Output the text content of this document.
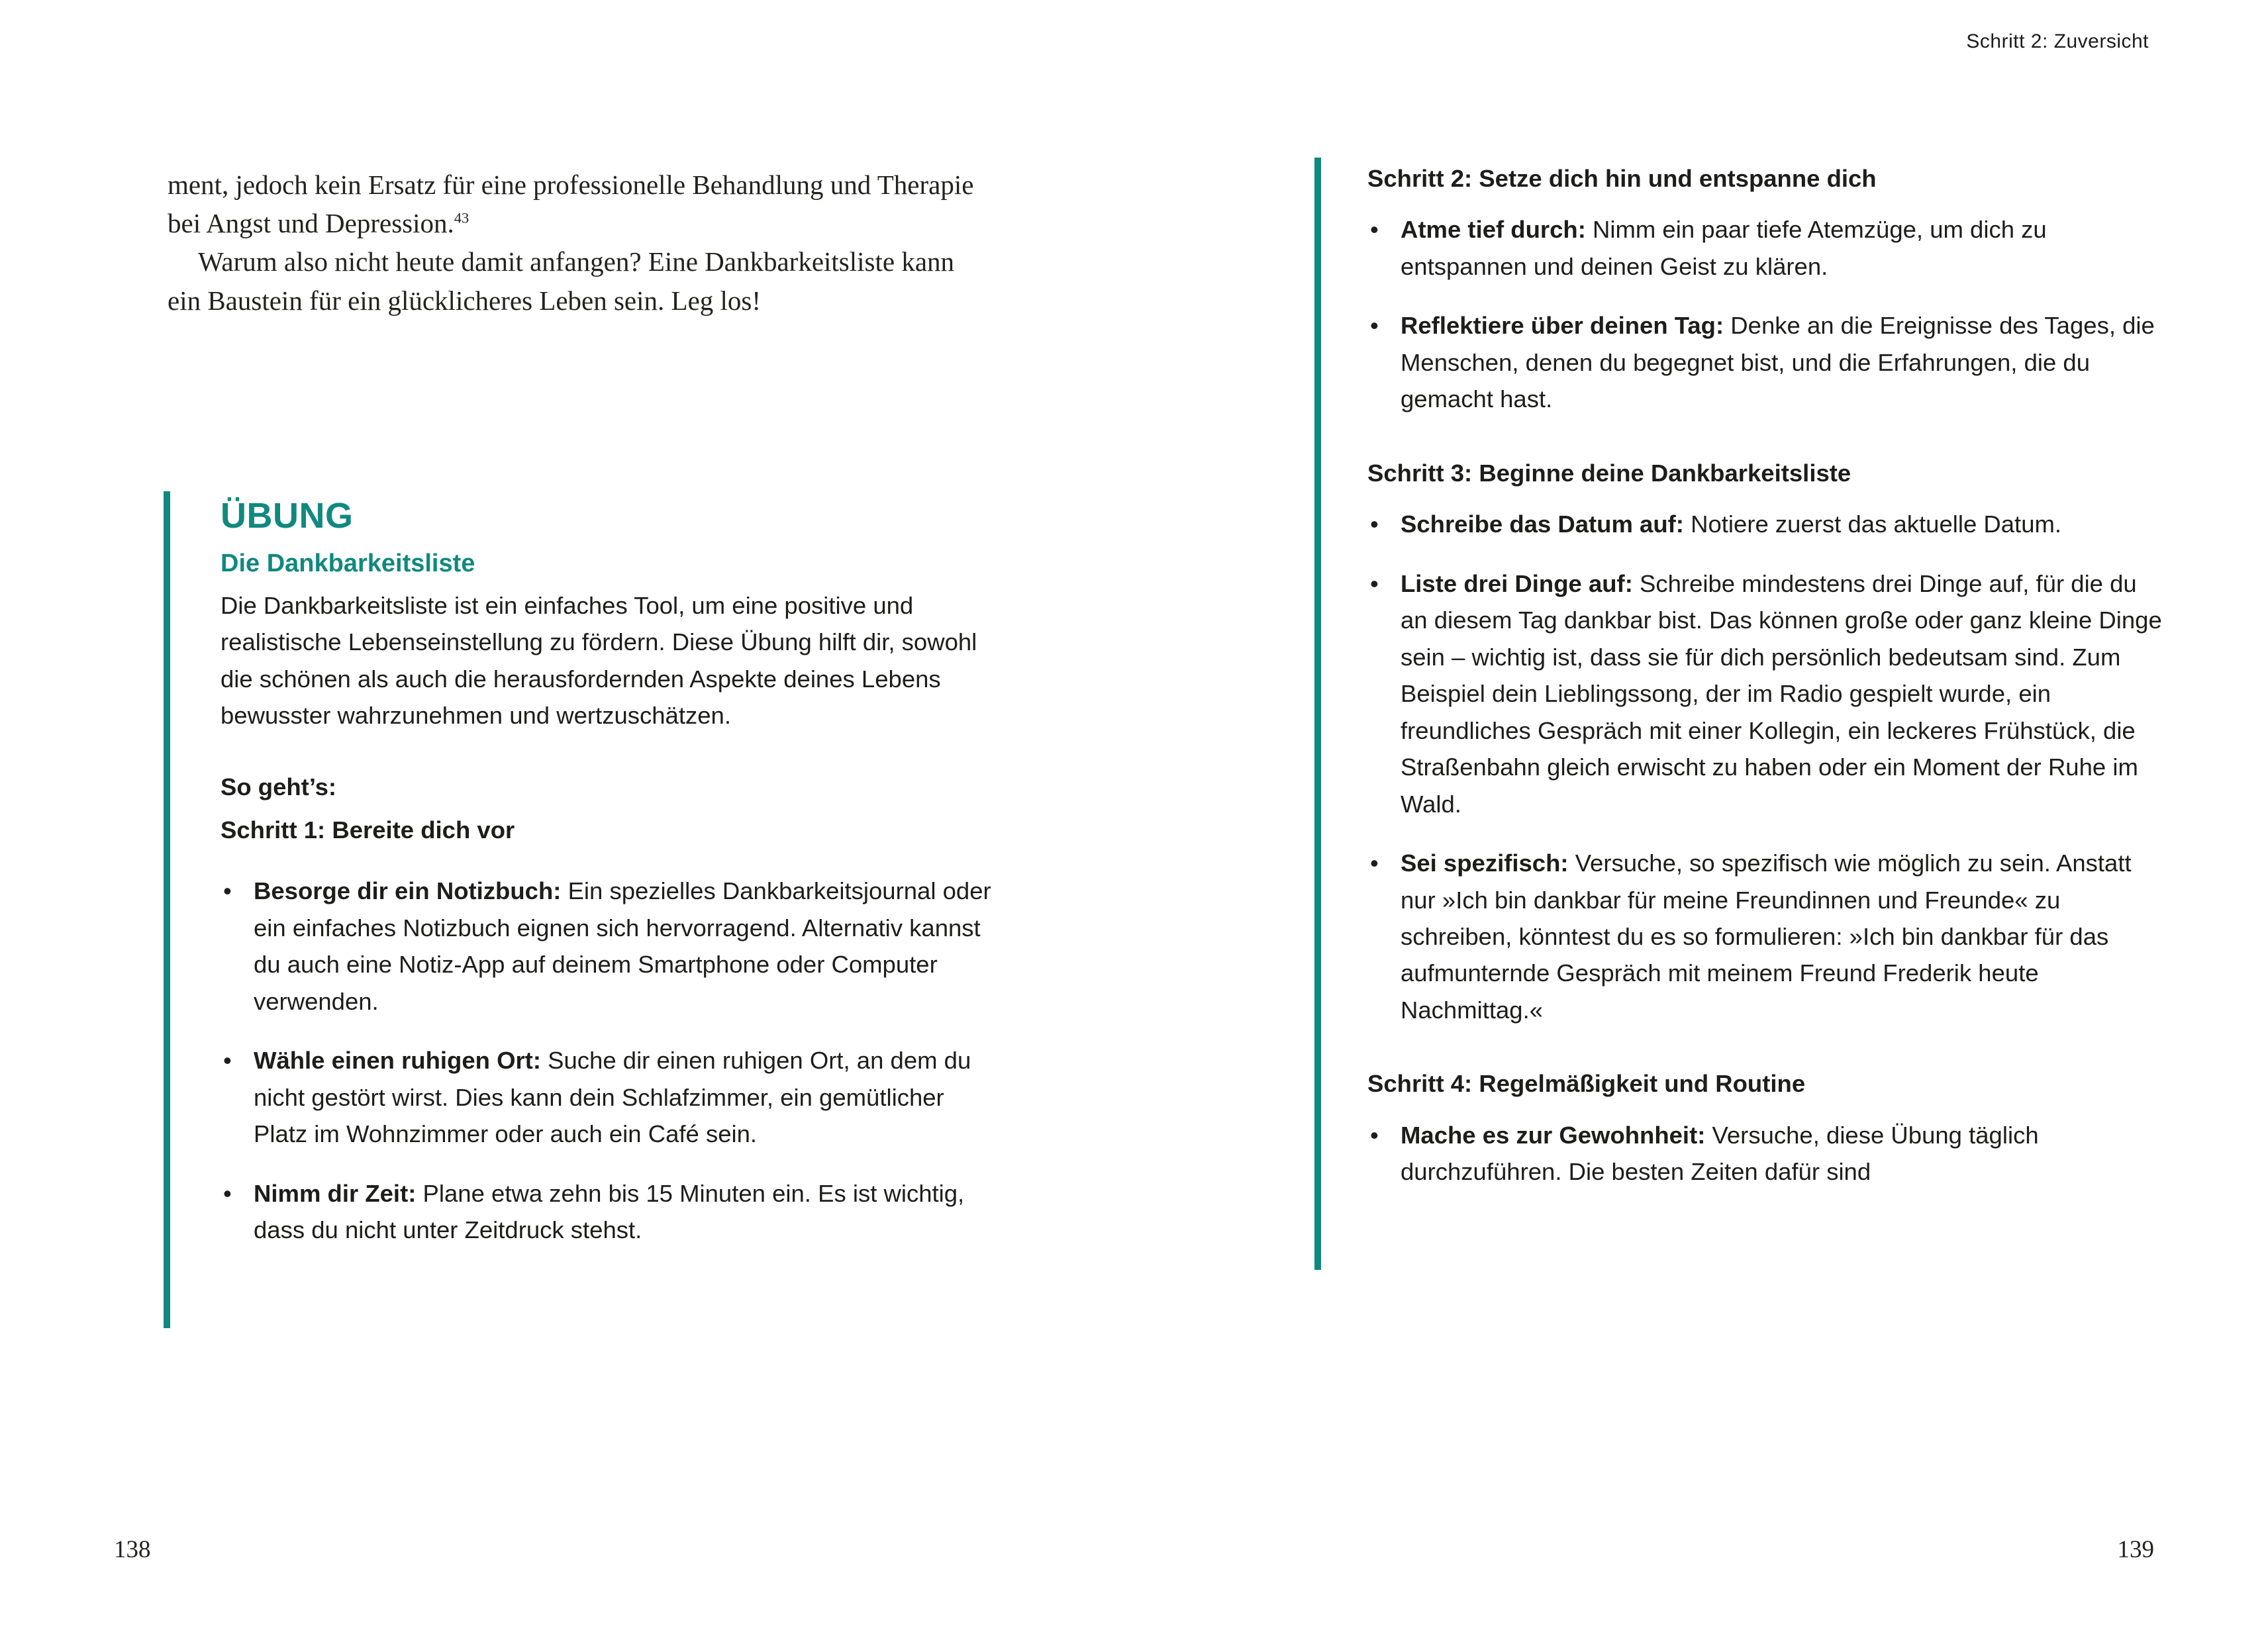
Schritt 2: Zuversicht

ment, jedoch kein Ersatz für eine professionelle Behandlung und Therapie bei Angst und Depression.$^{43}$

Warum also nicht heute damit anfangen? Eine Dankbarkeitsliste kann ein Baustein für ein glücklicheres Leben sein. Leg los!

ÜBUNG
Die Dankbarkeitsliste

Die Dankbarkeitsliste ist ein einfaches Tool, um eine positive und realistische Lebenseinstellung zu fördern. Diese Übung hilft dir, sowohl die schönen als auch die herausfordernden Aspekte deines Lebens bewusster wahrzunehmen und wertzuschätzen.

So geht’s:

Schritt 1: Bereite dich vor

• Besorge dir ein Notizbuch: Ein spezielles Dankbarkeitsjournal oder ein einfaches Notizbuch eignen sich hervorragend. Alternativ kannst du auch eine Notiz-App auf deinem Smartphone oder Computer verwenden.
• Wähle einen ruhigen Ort: Suche dir einen ruhigen Ort, an dem du nicht gestört wirst. Dies kann dein Schlafzimmer, ein gemütlicher Platz im Wohnzimmer oder auch ein Café sein.
• Nimm dir Zeit: Plane etwa zehn bis 15 Minuten ein. Es ist wichtig, dass du nicht unter Zeitdruck stehst.

Schritt 2: Setze dich hin und entspanne dich

• Atme tief durch: Nimm ein paar tiefe Atemzüge, um dich zu entspannen und deinen Geist zu klären.
• Reflektiere über deinen Tag: Denke an die Ereignisse des Tages, die Menschen, denen du begegnet bist, und die Erfahrungen, die du gemacht hast.

Schritt 3: Beginne deine Dankbarkeitsliste

• Schreibe das Datum auf: Notiere zuerst das aktuelle Datum.
• Liste drei Dinge auf: Schreibe mindestens drei Dinge auf, für die du an diesem Tag dankbar bist. Das können große oder ganz kleine Dinge sein – wichtig ist, dass sie für dich persönlich bedeutsam sind. Zum Beispiel dein Lieblingssong, der im Radio gespielt wurde, ein freundliches Gespräch mit einer Kollegin, ein leckeres Frühstück, die Straßenbahn gleich erwischt zu haben oder ein Moment der Ruhe im Wald.
• Sei spezifisch: Versuche, so spezifisch wie möglich zu sein. Anstatt nur »Ich bin dankbar für meine Freundinnen und Freunde« zu schreiben, könntest du es so formulieren: »Ich bin dankbar für das aufmunternde Gespräch mit meinem Freund Frederik heute Nachmittag.«

Schritt 4: Regelmäßigkeit und Routine

• Mache es zur Gewohnheit: Versuche, diese Übung täglich durchzuführen. Die besten Zeiten dafür sind
138	139
